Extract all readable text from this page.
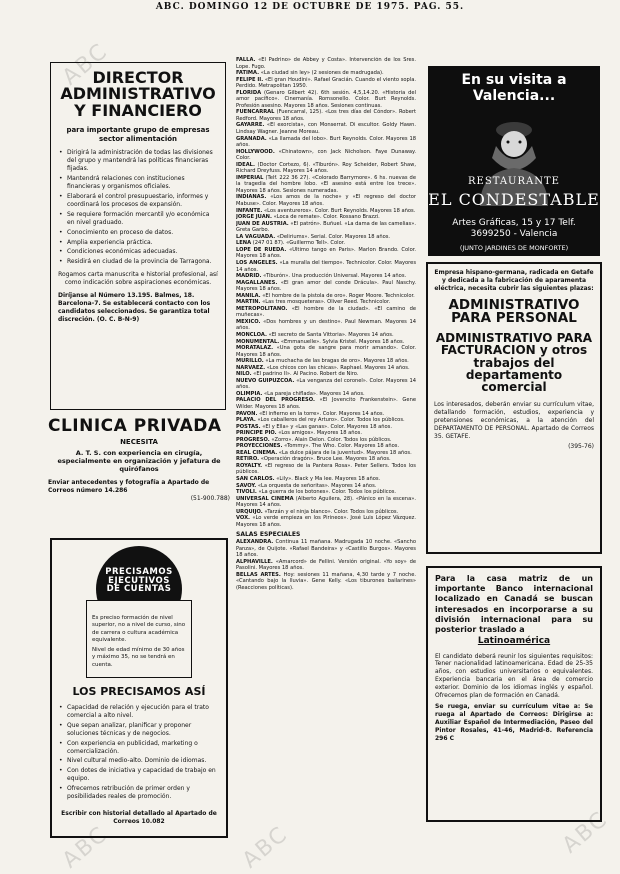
ABC. DOMINGO 12 DE OCTUBRE DE 1975. PAG. 55.
ABC
ABC	ABC
ABC
DIRECTOR ADMINISTRATIVO Y FINANCIERO
para importante grupo de empresas sector alimentación
• Dirigirá la administración de todas las divisiones del grupo y mantendrá las políticas financieras fijadas.
• Mantendrá relaciones con instituciones financieras y organismos oficiales.
• Elaborará el control presupuestario, informes y coordinará los procesos de expansión.
• Se requiere formación mercantil y/o económica en nivel graduado.
• Conocimiento en proceso de datos.
• Amplia experiencia práctica.
• Condiciones económicas adecuadas.
• Residirá en ciudad de la provincia de Tarragona.
Rogamos carta manuscrita e historial profesional, así como indicación sobre aspiraciones económicas.
Diríjanse al Número 13.195. Balmes, 18. Barcelona-7. Se establecerá contacto con los candidatos seleccionados. Se garantiza total discreción. (O. C. B-N-9)
CLINICA PRIVADA
NECESITA
A. T. S. con experiencia en cirugía, especialmente en organización y jefatura de quirófanos
Enviar antecedentes y fotografía a Apartado de Correos número 14.286
(51-900.788)
PRECISAMOS EJECUTIVOS DE CUENTAS
Es preciso formación de nivel superior, no a nivel de curso, sino de carrera o cultura académica equivalente.
Nivel de edad mínimo de 30 años y máximo 35, no se tendrá en cuenta.
LOS PRECISAMOS ASÍ
• Capacidad de relación y ejecución para el trato comercial a alto nivel.
• Que sepan analizar, planificar y proponer soluciones técnicas y de negocios.
• Con experiencia en publicidad, marketing o comercialización.
• Nivel cultural medio-alto. Dominio de idiomas.
• Con dotes de iniciativa y capacidad de trabajo en equipo.
• Ofrecemos retribución de primer orden y posibilidades reales de promoción.
Escribir con historial detallado al Apartado de Correos 10.082

FALLA. «El Padrino» de Abbey y Costa». Intervención de los Sres. Lope. Fugo.

FATIMA. «La ciudad sin ley» (2 sesiones de madrugada).

FELIPE II. «El gran Houdini». Rafael Gracián. Cuando el viento sopla. Perdido. Metrapolitan 1950.

FLORIDA (Genaro Gilbert 42). 6th sesión. 4,5,14.20. «Historia del amor pacífico». Cinemanía. Romsonello. Color. Burt Reynolds. Profesión asesino. Mayores 18 años. Sesiones continuas.

FUENCARRAL (Fuencarral, 125). «Los tres días del Cóndor». Robert Redford. Mayores 18 años.

GAYARRE. «El exorcista», con Monserrat. Di escultor. Goldy Hawn. Lindsay Wagner. Jeanne Moreau.

GRANADA. «La llamada del lobo». Burt Reynolds. Color. Mayores 18 años.

HOLLYWOOD. «Chinatown», con Jack Nicholson. Faye Dunaway. Color.

IDEAL. (Doctor Cortezo, 6). «Tiburón». Roy Scheider, Robert Shaw, Richard Dreyfuss. Mayores 14 años.

IMPERIAL (Telf. 222 36 27). «Colorado Barrymore». 6 hs. nuevas de la tragedia del hombre lobo. «El asesino está entre los trece». Mayores 18 años. Sesiones numeradas.

INDIANAS. «Los amos de la noche» y «El regreso del doctor Mabuse». Color. Mayores 18 años.

INFANTE. «Los aventureros». Color. Burt Reynolds. Mayores 18 años.

JORGE JUAN. «Loca de remate». Color. Rossano Brazzi.

JUAN DE AUSTRIA. «El patrón». Buñuel. «La dama de las camelias». Greta Garbo.

LA VAGUADA. «Deliriums». Serial. Color. Mayores 18 años.

LENA (247 01 87). «Guillermo Tell». Color.

LOPE DE RUEDA. «Ultimo tango en Paris». Marlon Brando. Color. Mayores 18 años.

LOS ANGELES. «La muralla del tiempo». Technicolor. Color. Mayores 14 años.

MADRID. «Tiburón». Una producción Universal. Mayores 14 años.

MAGALLANES. «El gran amor del conde Drácula». Paul Naschy. Mayores 18 años.

MANILA. «El hombre de la pistola de oro». Roger Moore. Technicolor.

MARTIN. «Las tres mosqueteras». Oliver Reed. Technicolor.

METROPOLITANO. «El hombre de la ciudad». «El camino de muñecas».

MEXICO. «Dos hombres y un destino». Paul Newman. Mayores 14 años.

MONCLOA. «El secreto de Santa Vittoria». Mayores 14 años.

MONUMENTAL. «Emmanuelle». Sylvia Kristel. Mayores 18 años.

MORATALAZ. «Una gota de sangre para morir amando». Color. Mayores 18 años.

MURILLO. «La muchacha de las bragas de oro». Mayores 18 años.

NARVAEZ. «Los chicos con las chicas». Raphael. Mayores 14 años.

NILO. «El padrino II». Al Pacino. Robert de Niro.

NUEVO GUIPUZCOA. «La venganza del coronel». Color. Mayores 14 años.

OLIMPIA. «La pareja chiflada». Mayores 14 años.

PALACIO DEL PROGRESO. «El Jovencito Frankenstein». Gene Wilder. Mayores 18 años.

PAVON. «El infierno en la torre». Color. Mayores 14 años.

PLAYA. «Los caballeros del rey Arturo». Color. Todos los públicos.

POSTAS. «El y Ella» y «Las ganas». Color. Mayores 18 años.

PRINCIPE PIO. «Los amigos». Mayores 18 años.

PROGRESO. «Zorro». Alain Delon. Color. Todos los públicos.

PROYECCIONES. «Tommy». The Who. Color. Mayores 18 años.

REAL CINEMA. «La dulce pájara de la juventud». Mayores 18 años.

RETIRO. «Operación dragón». Bruce Lee. Mayores 18 años.

ROYALTY. «El regreso de la Pantera Rosa». Peter Sellers. Todos los públicos.

SAN CARLOS. «Lily». Black y Ma lee. Mayores 18 años.

SAVOY. «La orquesta de señoritas». Mayores 14 años.

TIVOLI. «La guerra de los botones». Color. Todos los públicos.

UNIVERSAL CINEMA (Alberto Aguilera, 28). «Pánico en la escena». Mayores 14 años.

URQUIJO. «Tarzán y el ninja blanco». Color. Todos los públicos.

VOX. «Lo verde empieza en los Pirineos». José Luis López Vázquez. Mayores 18 años.

SALAS ESPECIALES

ALEXANDRA. Continua 11 mañana. Madrugada 10 noche. «Sancho Panza», de Quijote. «Rafael Bandeira» y «Castillo Burgos». Mayores 18 años.

ALPHAVILLE. «Amarcord» de Fellini. Versión original. «Yo soy» de Pasolini. Mayores 18 años.

BELLAS ARTES. Hoy: sesiones 11 mañana, 4,30 tarde y 7 noche. «Cantando bajo la lluvia». Gene Kelly. «Los tiburones bailarines» (Reacciones políticas).

En su visita a Valencia...
RESTAURANTE
EL CONDESTABLE
Artes Gráficas, 15 y 17 Telf. 3699250 - Valencia
(JUNTO JARDINES DE MONFORTE)
Empresa hispano-germana, radicada en Getafe y dedicada a la fabricación de aparamenta eléctrica, necesita cubrir las siguientes plazas:
ADMINISTRATIVO PARA PERSONAL
ADMINISTRATIVO PARA FACTURACION y otros trabajos del departamento comercial
Los interesados, deberán enviar su currículum vitae, detallando formación, estudios, experiencia y pretensiones económicas, a la atención del DEPARTAMENTO DE PERSONAL. Apartado de Correos 35. GETAFE.
(395-76)
Para la casa matriz de un importante Banco internacional localizado en Canadá se buscan interesados en incorporarse a su división internacional para su posterior traslado a
Latinoamérica
El candidato deberá reunir los siguientes requisitos: Tener nacionalidad latinoamericana. Edad de 25-35 años, con estudios universitarios o equivalentes. Experiencia bancaria en el área de comercio exterior. Dominio de los idiomas inglés y español. Ofrecemos plan de formación en Canadá.
Se ruega, enviar su currículum vitae a: Se ruega al Apartado de Correos: Dirigirse a: Auxiliar Español de Intermediación, Paseo del Pintor Rosales, 41-46, Madrid-8. Referencia 296 C
